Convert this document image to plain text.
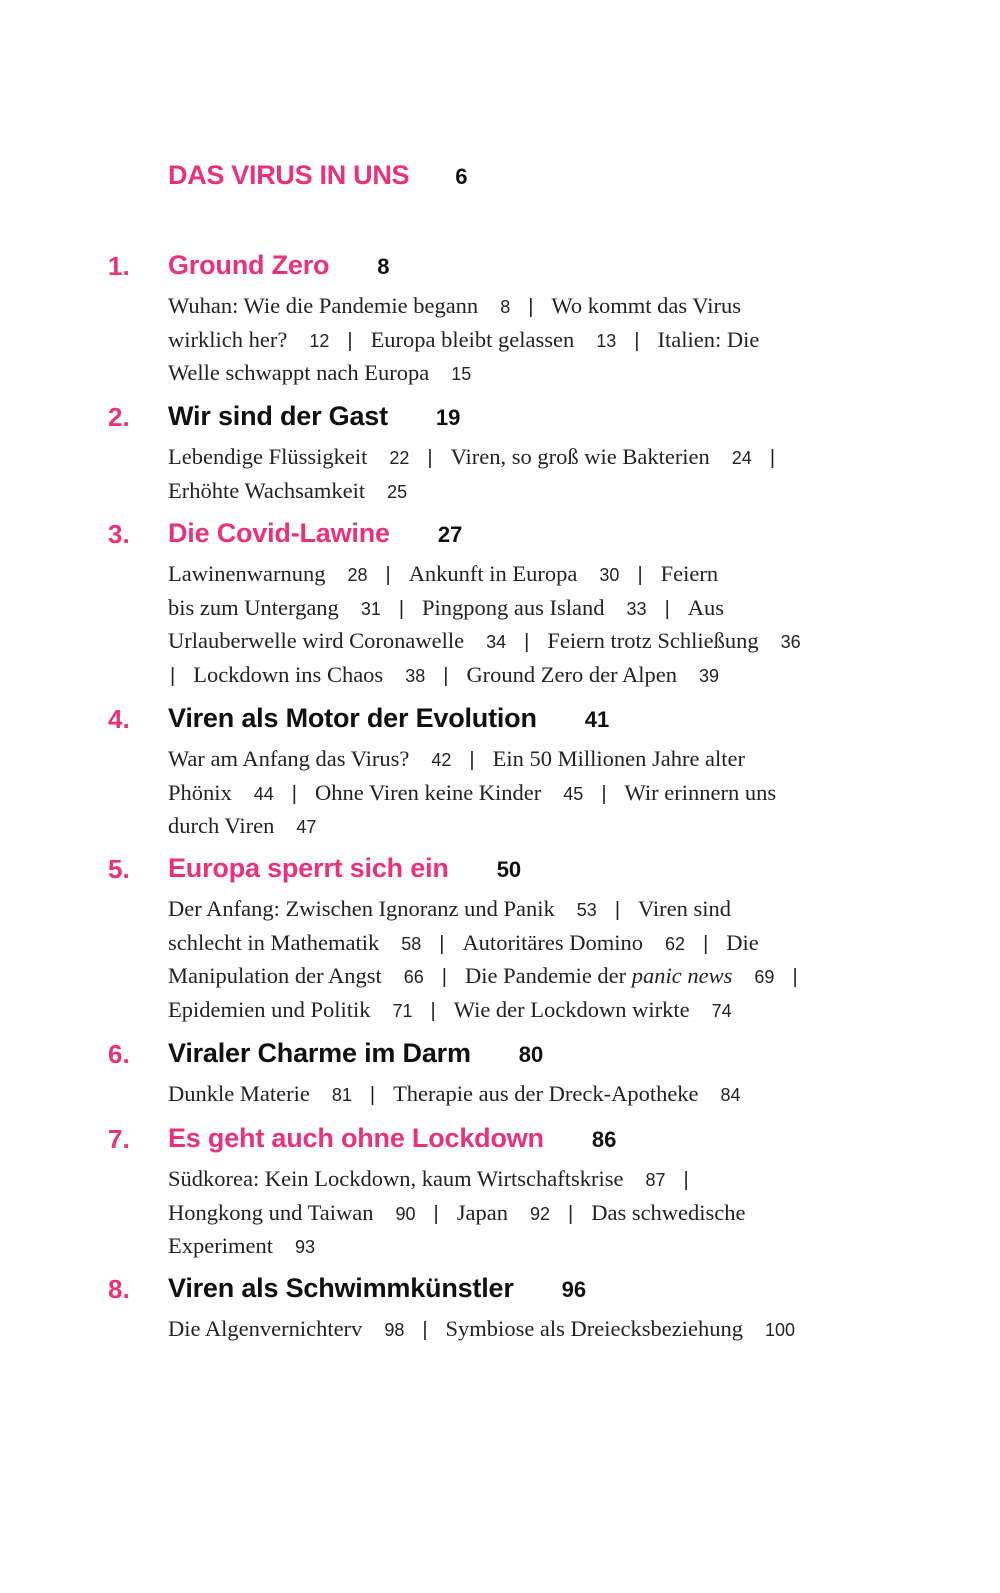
DAS VIRUS IN UNS 6
1. Ground Zero 8
Wuhan: Wie die Pandemie begann 8 | Wo kommt das Virus
wirklich her? 12 | Europa bleibt gelassen 13 | Italien: Die
Welle schwappt nach Europa 15
2. Wir sind der Gast 19
Lebendige Flüssigkeit 22 | Viren, so groß wie Bakterien 24 |
Erhöhte Wachsamkeit 25
3. Die Covid-Lawine 27
Lawinenwarnung 28 | Ankunft in Europa 30 | Feiern
bis zum Untergang 31 | Pingpong aus Island 33 | Aus
Urlauberwelle wird Coronawelle 34 | Feiern trotz Schließung 36
| Lockdown ins Chaos 38 | Ground Zero der Alpen 39
4. Viren als Motor der Evolution 41
War am Anfang das Virus? 42 | Ein 50 Millionen Jahre alter
Phönix 44 | Ohne Viren keine Kinder 45 | Wir erinnern uns
durch Viren 47
5. Europa sperrt sich ein 50
Der Anfang: Zwischen Ignoranz und Panik 53 | Viren sind
schlecht in Mathematik 58 | Autoritäres Domino 62 | Die
Manipulation der Angst 66 | Die Pandemie der panic news 69 |
Epidemien und Politik 71 | Wie der Lockdown wirkte 74
6. Viraler Charme im Darm 80
Dunkle Materie 81 | Therapie aus der Dreck-Apotheke 84
7. Es geht auch ohne Lockdown 86
Südkorea: Kein Lockdown, kaum Wirtschaftskrise 87 |
Hongkong und Taiwan 90 | Japan 92 | Das schwedische
Experiment 93
8. Viren als Schwimmkünstler 96
Die Algenvernichterv 98 | Symbiose als Dreiecksbeziehung 100
